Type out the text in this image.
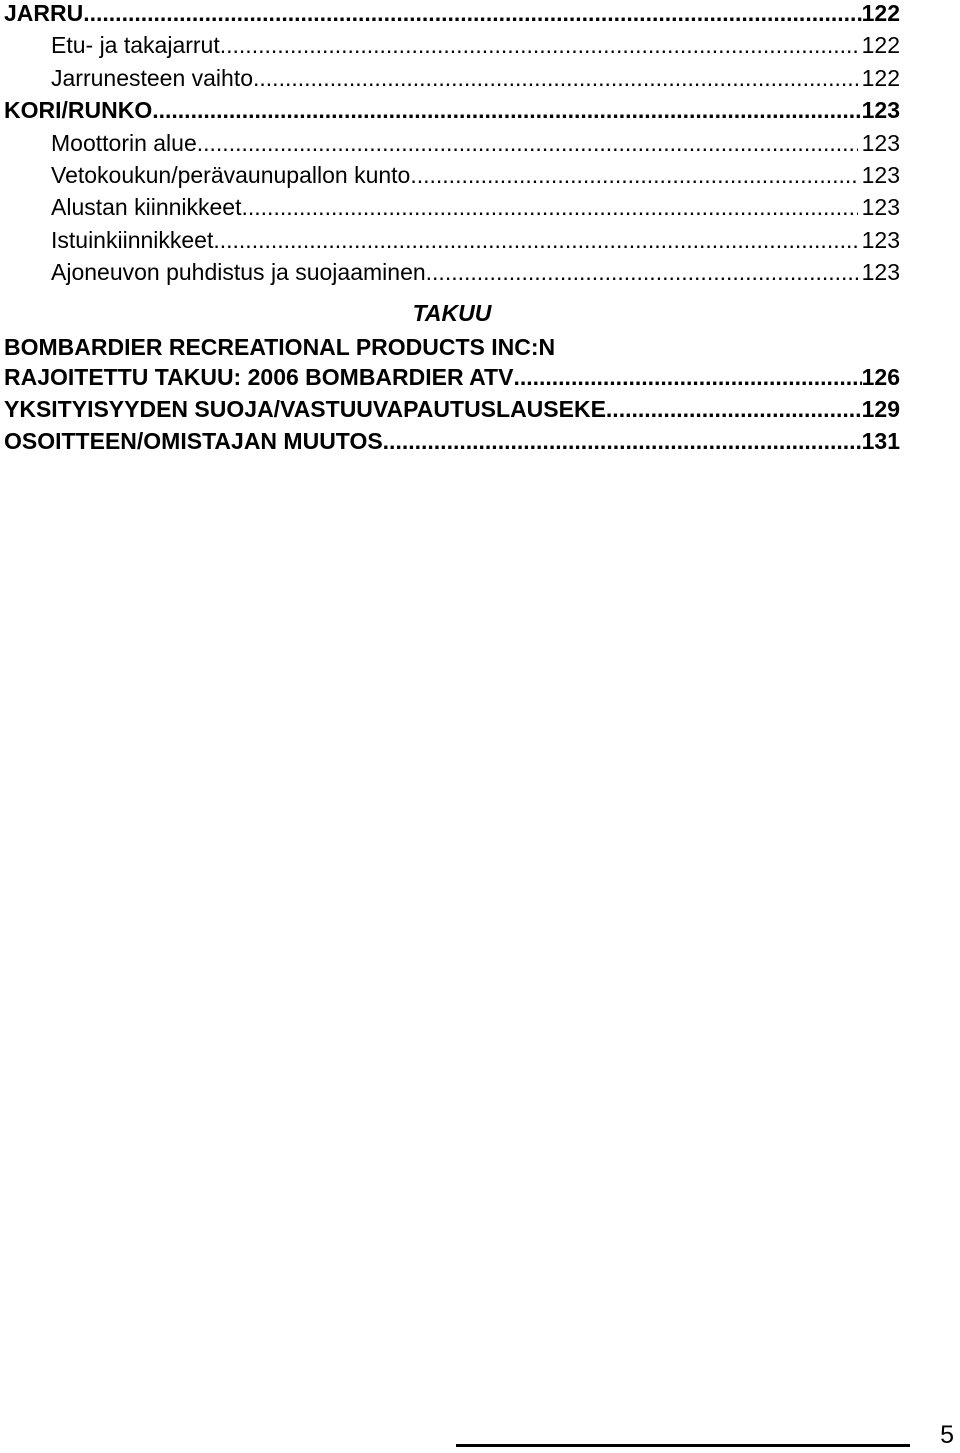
JARRU .....	122
Etu- ja takajarrut .....	122
Jarrunesteen vaihto .....	122
KORI/RUNKO .....	123
Moottorin alue .....	123
Vetokoukun/perävaunupallon kunto .....	123
Alustan kiinnikkeet .....	123
Istuinkiinnikkeet .....	123
Ajoneuvon puhdistus ja suojaaminen .....	123
TAKUU
BOMBARDIER RECREATIONAL PRODUCTS INC:N
RAJOITETTU TAKUU: 2006 BOMBARDIER ATV .....	126
YKSITYISYYDEN SUOJA/VASTUUVAPAUTUSLAUSEKE .....	129
OSOITTEEN/OMISTAJAN MUUTOS .....	131
5
